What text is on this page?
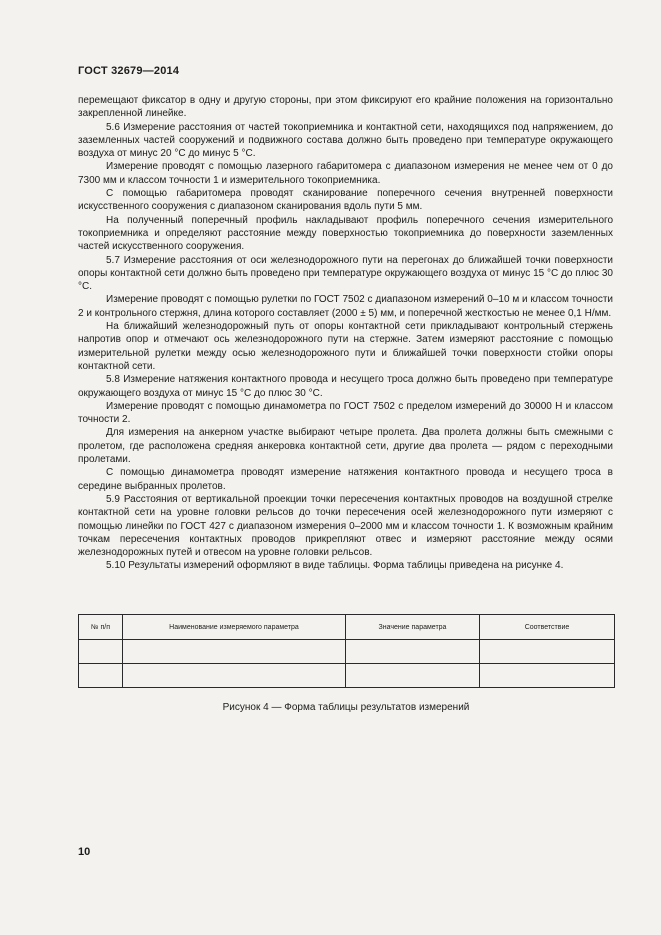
ГОСТ 32679—2014

перемещают фиксатор в одну и другую стороны, при этом фиксируют его крайние положения на горизонтально закрепленной линейке.

5.6 Измерение расстояния от частей токоприемника и контактной сети, находящихся под напряжением, до заземленных частей сооружений и подвижного состава должно быть проведено при температуре окружающего воздуха от минус 20 °С до минус 5 °С.

Измерение проводят с помощью лазерного габаритомера с диапазоном измерения не менее чем от 0 до 7300 мм и классом точности 1 и измерительного токоприемника.

С помощью габаритомера проводят сканирование поперечного сечения внутренней поверхности искусственного сооружения с диапазоном сканирования вдоль пути 5 мм.

На полученный поперечный профиль накладывают профиль поперечного сечения измерительного токоприемника и определяют расстояние между поверхностью токоприемника до поверхности заземленных частей искусственного сооружения.

5.7 Измерение расстояния от оси железнодорожного пути на перегонах до ближайшей точки поверхности опоры контактной сети должно быть проведено при температуре окружающего воздуха от минус 15 °С до плюс 30 °С.

Измерение проводят с помощью рулетки по ГОСТ 7502 с диапазоном измерений 0–10 м и классом точности 2 и контрольного стержня, длина которого составляет (2000 ± 5) мм, и поперечной жесткостью не менее 0,1 Н/мм.

На ближайший железнодорожный путь от опоры контактной сети прикладывают контрольный стержень напротив опор и отмечают ось железнодорожного пути на стержне. Затем измеряют расстояние с помощью измерительной рулетки между осью железнодорожного пути и ближайшей точки поверхности стойки опоры контактной сети.

5.8 Измерение натяжения контактного провода и несущего троса должно быть проведено при температуре окружающего воздуха от минус 15 °С до плюс 30 °С.

Измерение проводят с помощью динамометра по ГОСТ 7502 с пределом измерений до 30000 Н и классом точности 2.

Для измерения на анкерном участке выбирают четыре пролета. Два пролета должны быть смежными с пролетом, где расположена средняя анкеровка контактной сети, другие два пролета — рядом с переходными пролетами.

С помощью динамометра проводят измерение натяжения контактного провода и несущего троса в середине выбранных пролетов.

5.9 Расстояния от вертикальной проекции точки пересечения контактных проводов на воздушной стрелке контактной сети на уровне головки рельсов до точки пересечения осей железнодорожного пути измеряют с помощью линейки по ГОСТ 427 с диапазоном измерения 0–2000 мм и классом точности 1. К возможным крайним точкам пересечения контактных проводов прикрепляют отвес и измеряют расстояние между осями железнодорожных путей и отвесом на уровне головки рельсов.

5.10 Результаты измерений оформляют в виде таблицы. Форма таблицы приведена на рисунке 4.

№ п/п	Наименование измеряемого параметра	Значение параметра	Соответствие

Рисунок 4 — Форма таблицы результатов измерений
10
